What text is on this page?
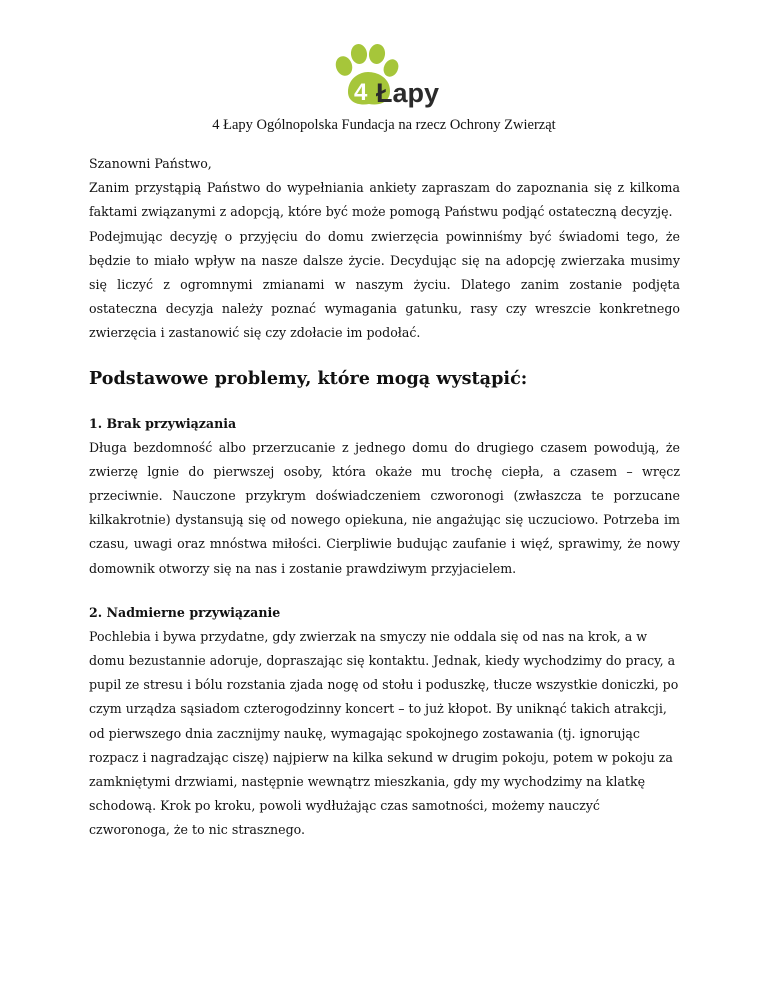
4 Łapy
4 Łapy Ogólnopolska Fundacja na rzecz Ochrony Zwierząt

Szanowni Państwo,

Zanim przystąpią Państwo do wypełniania ankiety zapraszam do zapoznania się z kilkoma faktami związanymi z adopcją, które być może pomogą Państwu podjąć ostateczną decyzję.

Podejmując decyzję o przyjęciu do domu zwierzęcia powinniśmy być świadomi tego, że będzie to miało wpływ na nasze dalsze życie. Decydując się na adopcję zwierzaka musimy się liczyć z ogromnymi zmianami w naszym życiu. Dlatego zanim zostanie podjęta ostateczna decyzja należy poznać wymagania gatunku, rasy czy wreszcie konkretnego zwierzęcia i zastanowić się czy zdołacie im podołać.

Podstawowe problemy, które mogą wystąpić:
1. Brak przywiązania

Długa bezdomność albo przerzucanie z jednego domu do drugiego czasem powodują, że zwierzę lgnie do pierwszej osoby, która okaże mu trochę ciepła, a czasem – wręcz przeciwnie. Nauczone przykrym doświadczeniem czworonogi (zwłaszcza te porzucane kilkakrotnie) dystansują się od nowego opiekuna, nie angażując się uczuciowo. Potrzeba im czasu, uwagi oraz mnóstwa miłości. Cierpliwie budując zaufanie i więź, sprawimy, że nowy domownik otworzy się na nas i zostanie prawdziwym przyjacielem.

2. Nadmierne przywiązanie

Pochlebia i bywa przydatne, gdy zwierzak na smyczy nie oddala się od nas na krok, a w domu bezustannie adoruje, dopraszając się kontaktu. Jednak, kiedy wychodzimy do pracy, a pupil ze stresu i bólu rozstania zjada nogę od stołu i poduszkę, tłucze wszystkie doniczki, po czym urządza sąsiadom czterogodzinny koncert – to już kłopot. By uniknąć takich atrakcji, od pierwszego dnia zacznijmy naukę, wymagając spokojnego zostawania (tj. ignorując rozpacz i nagradzając ciszę) najpierw na kilka sekund w drugim pokoju, potem w pokoju za zamkniętymi drzwiami, następnie wewnątrz mieszkania, gdy my wychodzimy na klatkę schodową. Krok po kroku, powoli wydłużając czas samotności, możemy nauczyć czworonoga, że to nic strasznego.
